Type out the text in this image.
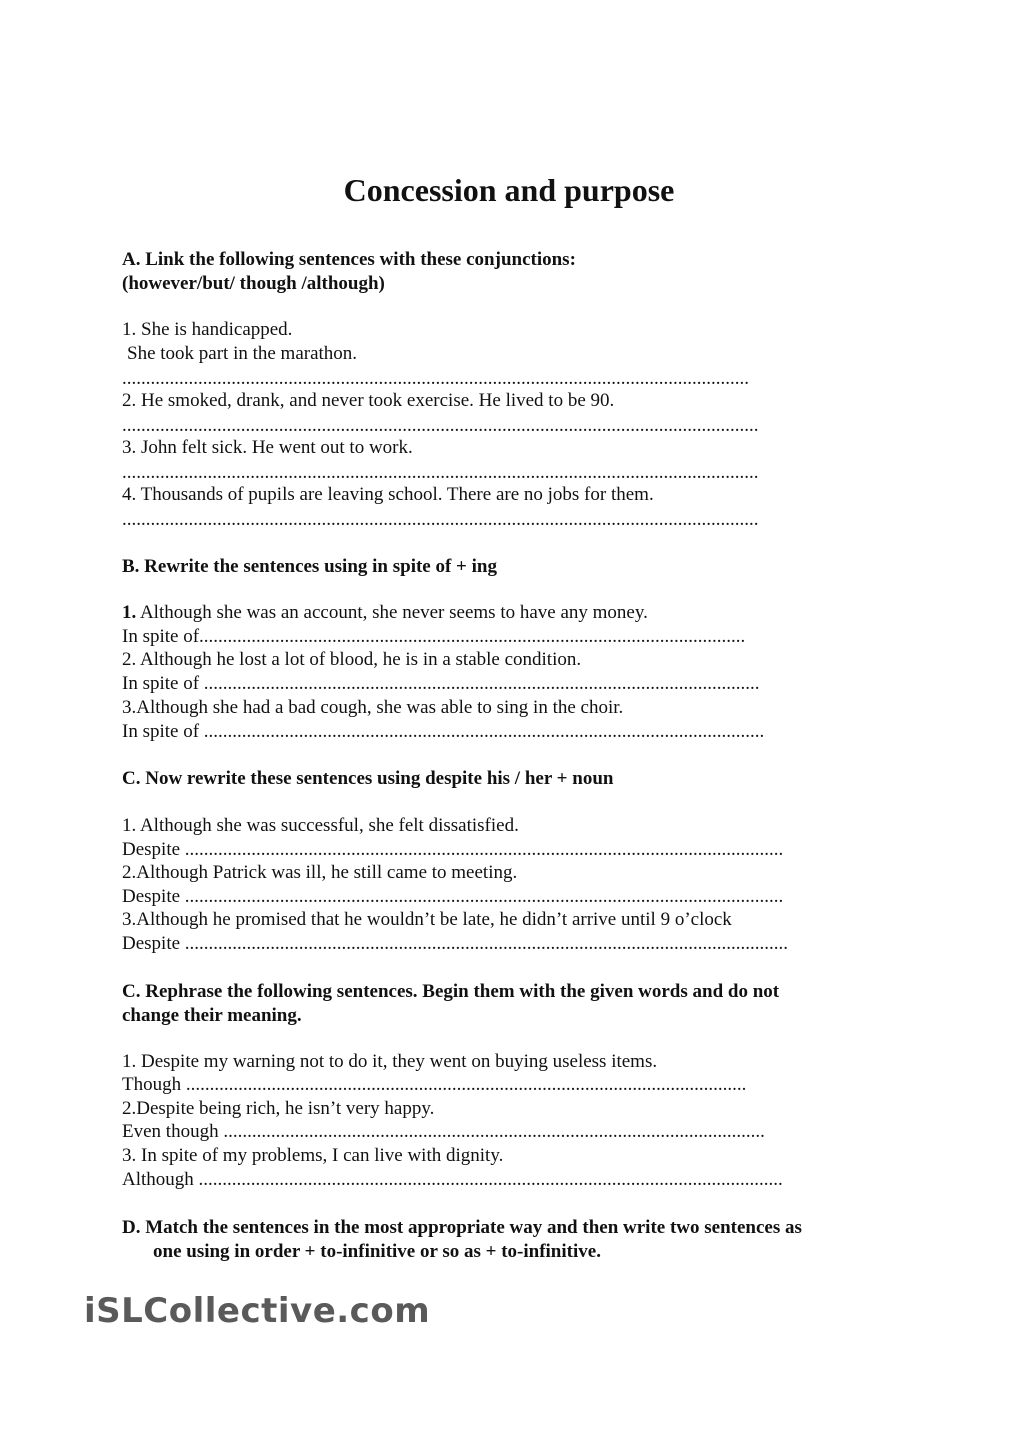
Concession and purpose
A. Link the following sentences with these conjunctions:
(however/but/ though /although)
1. She is handicapped.
She took part in the marathon.
....................................................................................................................................
2. He smoked, drank, and never took exercise. He lived to be 90.
......................................................................................................................................
3. John felt sick. He went out to work.
......................................................................................................................................
4. Thousands of pupils are leaving school. There are no jobs for them.
......................................................................................................................................
B. Rewrite the sentences using in spite of + ing
1. Although she was an account, she never seems to have any money.
In spite of...................................................................................................................
2. Although he lost a lot of blood, he is in a stable condition.
In spite of .....................................................................................................................
3.Although she had a bad cough, she was able to sing in the choir.
In spite of ......................................................................................................................
C. Now rewrite these sentences using despite his / her + noun
1. Although she was successful, she felt dissatisfied.
Despite ..............................................................................................................................
2.Although Patrick was ill, he still came to meeting.
Despite ..............................................................................................................................
3.Although he promised that he wouldn’t be late, he didn’t arrive until 9 o’clock
Despite ...............................................................................................................................
C. Rephrase the following sentences. Begin them with the given words and do not
change their meaning.
1. Despite my warning not to do it, they went on buying useless items.
Though ......................................................................................................................
2.Despite being rich, he isn’t very happy.
Even though ..................................................................................................................
3. In spite of my problems, I can live with dignity.
Although ...........................................................................................................................
D. Match the sentences in the most appropriate way and then write two sentences as
one using in order + to-infinitive or so as + to-infinitive.
iSLCollective.com
